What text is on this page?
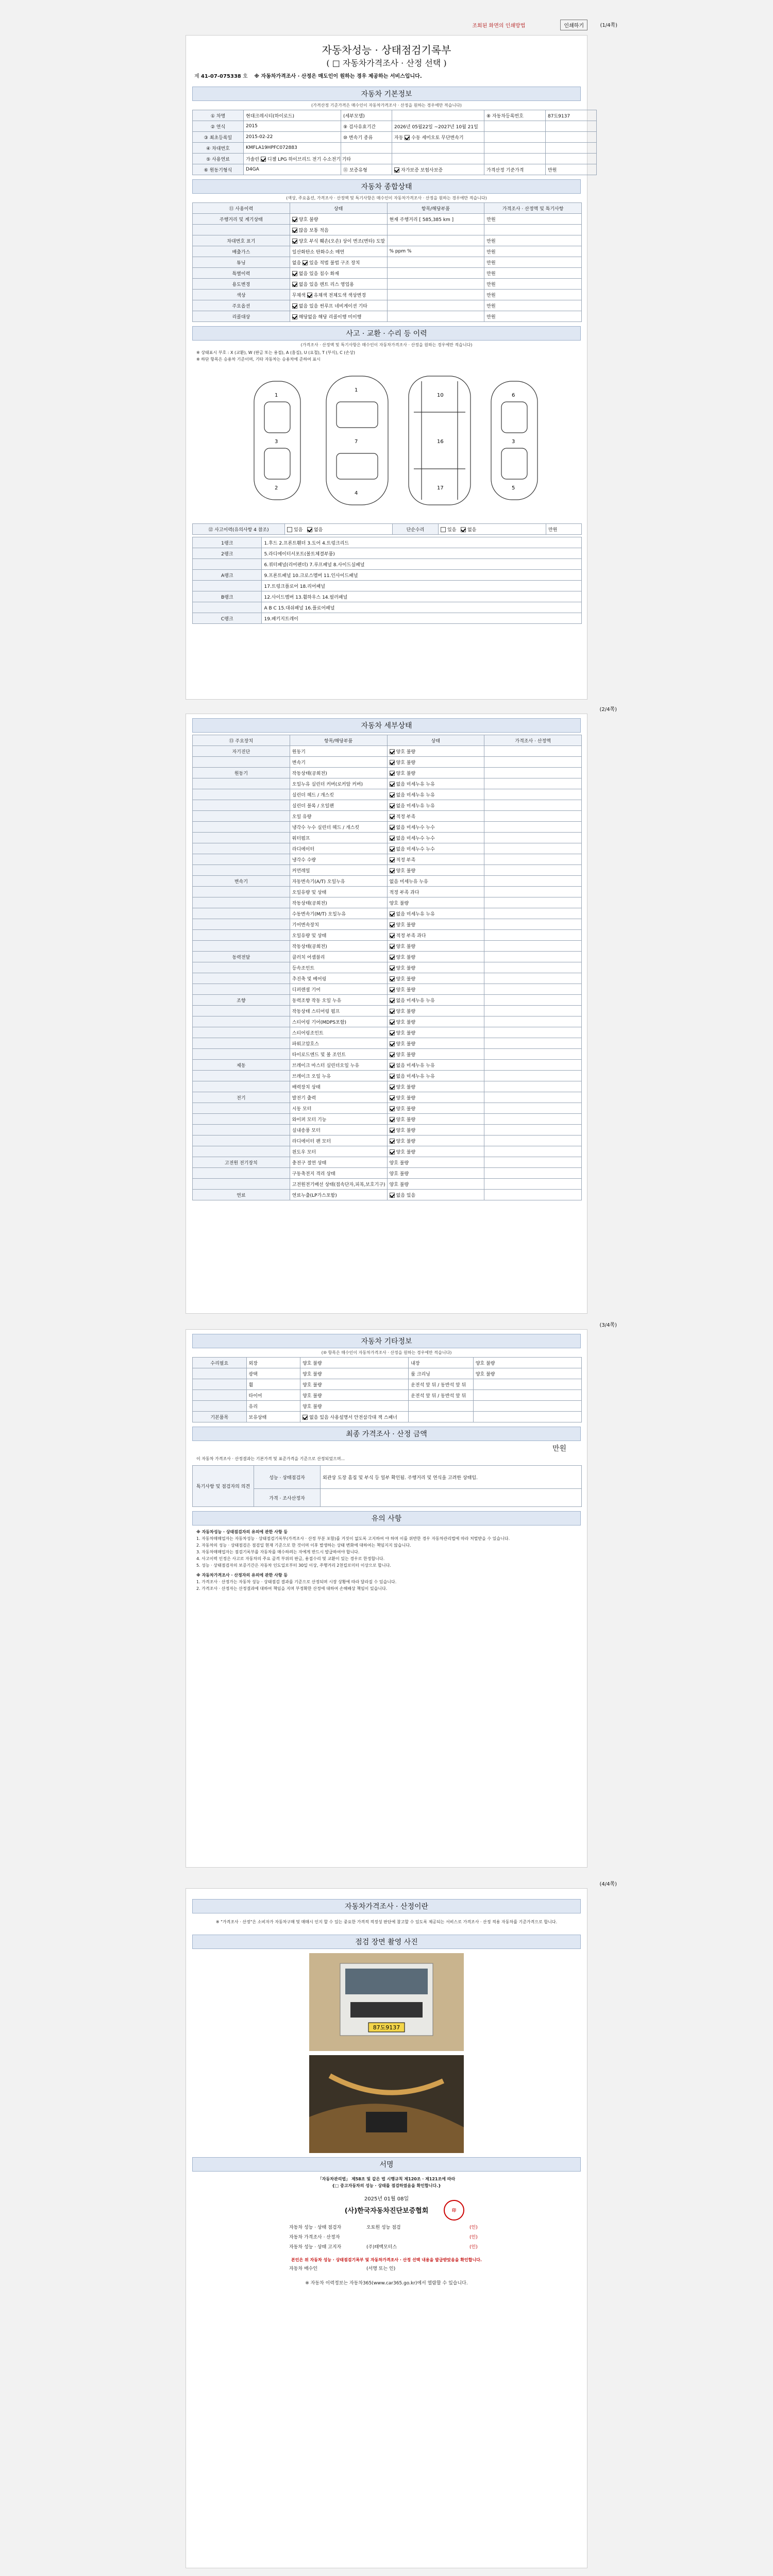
조회된 화면의 인쇄방법	인쇄하기	(1/4쪽)
자동차성능 · 상태점검기록부
( □ 자동차가격조사 · 산정 선택 )
제 41-07-075338 호 ※ 자동차가격조사 · 산정은 매도인이 원하는 경우 제공하는 서비스입니다.
자동차 기본정보
(가격산정 기준가격은 매수인이 자동차가격조사 · 산정을 원하는 경우에만 적습니다)
① 차명	현대크레시티(하이로드)	(세부모델)		⑧ 자동차등록번호	87도9137
② 연식	2015	⑨ 검사유효기간	2026년 05월22일 ~2027년 10월 21일		
③ 최초등록일	2015-02-22	⑩ 변속기 종류	자동 수동 세미오토 무단변속기		
④ 차대번호	KMFLA19HPFC072883				
⑤ 사용연료	가솔린 디젤 LPG 하이브리드 전기 수소전기 기타				
⑥ 원동기형식	D4GA	⑪ 보증유형	자가보증 보험사보증	가격산정 기준가격	만원
자동차 종합상태
(색상, 주요옵션, 가격조사 · 산정액 및 특기사항은 매수인이 자동차가격조사 · 산정을 원하는 경우에만 적습니다)
⑪ 사용이력	상태	항목/해당부품	가격조사 · 산정액 및 특기사항
주행거리 및 계기상태	양호 불량	현재 주행거리 [ 585,385 km ]	만원
	많음 보통 적음		
차대번호 표기	양호 부식 훼손(오손) 상이 변조(변타) 도말		만원
배출가스	일산화탄소 탄화수소 매연	% ppm %	만원
튜닝	없음 있음 적법 불법 구조 장치		만원
특별이력	없음 있음 침수 화재		만원
용도변경	없음 있음 렌트 리스 영업용		만원
색상	무채색 유채색 전체도색 색상변경		만원
주요옵션	없음 있음 썬루프 네비게이션 기타		만원
리콜대상	해당없음 해당 리콜이행 미이행		만원
사고 · 교환 · 수리 등 이력
(가격조사 · 산정액 및 특기사항은 매수인이 자동차가격조사 · 산정을 원하는 경우에만 적습니다)
※ 상태표시 부호 : X (교환), W (판금 또는 용접), A (흠집), U (요철), T (부식), C (손상)
※ 하단 항목은 승용차 기준이며, 기타 자동차는 승용차에 준하여 표시
1
3
2
1
7
4
10
16
17
6
3
5
⑫ 사고이력(유의사항 4 참조)	있음 없음	단순수리	있음 없음	만원
1랭크	1.후드 2.프론트휀더 3.도어 4.트렁크리드
2랭크	5.라디에이터서포트(볼트체결부품)
	6.쿼터패널(리어펜더) 7.루프패널 8.사이드실패널
A랭크	9.프론트패널 10.크로스멤버 11.인사이드패널
	17.트렁크플로어 18.리어패널
B랭크	12.사이드멤버 13.휠하우스 14.필러패널
	A B C 15.대쉬패널 16.플로어패널
C랭크	19.패키지트레이
(2/4쪽)
자동차 세부상태
⑬ 주요장치	항목/해당부품	상태	가격조사 · 산정액
자기진단	원동기	양호 불량	
	변속기	양호 불량	
원동기	작동상태(공회전)	양호 불량	
	오일누유 실린더 커버(로커암 커버)	없음 미세누유 누유	
	실린더 헤드 / 개스킷	없음 미세누유 누유	
	실린더 블록 / 오일팬	없음 미세누유 누유	
	오일 유량	적정 부족	
	냉각수 누수 실린더 헤드 / 개스킷	없음 미세누수 누수	
	워터펌프	없음 미세누수 누수	
	라디에이터	없음 미세누수 누수	
	냉각수 수량	적정 부족	
	커먼레일	양호 불량	
변속기	자동변속기(A/T) 오일누유	없음 미세누유 누유	
	오일유량 및 상태	적정 부족 과다	
	작동상태(공회전)	양호 불량	
	수동변속기(M/T) 오일누유	없음 미세누유 누유	
	기어변속장치	양호 불량	
	오일유량 및 상태	적정 부족 과다	
	작동상태(공회전)	양호 불량	
동력전달	클러치 어셈블리	양호 불량	
	등속조인트	양호 불량	
	추진축 및 베어링	양호 불량	
	디퍼렌셜 기어	양호 불량	
조향	동력조향 작동 오일 누유	없음 미세누유 누유	
	작동상태 스티어링 펌프	양호 불량	
	스티어링 기어(MDPS포함)	양호 불량	
	스티어링조인트	양호 불량	
	파워고압호스	양호 불량	
	타이로드엔드 및 볼 조인트	양호 불량	
제동	브레이크 마스터 실린더오일 누유	없음 미세누유 누유	
	브레이크 오일 누유	없음 미세누유 누유	
	배력장치 상태	양호 불량	
전기	발전기 출력	양호 불량	
	시동 모터	양호 불량	
	와이퍼 모터 기능	양호 불량	
	실내송풍 모터	양호 불량	
	라디에이터 팬 모터	양호 불량	
	윈도우 모터	양호 불량	
고전원 전기장치	충전구 절연 상태	양호 불량	
	구동축전지 격리 상태	양호 불량	
	고전원전기배선 상태(접속단자,피복,보호기구)	양호 불량	
연료	연료누출(LP가스포함)	없음 있음	
(3/4쪽)
자동차 기타정보
(⑩ 항목은 매수인이 자동차가격조사 · 산정을 원하는 경우에만 적습니다)
수리필요	외장	양호 불량	내장	양호 불량
	광택	양호 불량	룸 크리닝	양호 불량
	휠	양호 불량	운전석 앞 뒤 / 동반석 앞 뒤	
	타이어	양호 불량	운전석 앞 뒤 / 동반석 앞 뒤	
	유리	양호 불량		
기본품목	보유상태	없음 있음 사용설명서 안전삼각대 잭 스패너		
최종 가격조사 · 산정 금액
만원
이 자동차 가격조사 · 산정결과는 기본가격 및 표준가격을 기준으로 산정되었으며...
특기사항 및 점검자의 의견	성능 · 상태점검자	외관상 도장 흠집 및 부식 등 일부 확인됨. 주행거리 및 연식을 고려한 상태임.
	가격 · 조사산정자	
유의 사항
※ 자동차성능 · 상태점검자의 유의에 관한 사항 등
1. 자동차매매업자는 자동차성능 · 상태점검기록부(가격조사 · 산정 부분 포함)를 거짓이 없도록 고지하여 야 하며 이를 위반한 경우 자동차관리법에 따라 처벌받을 수 있습니다.
2. 자동차의 성능 · 상태점검은 점검일 현재 기준으로 한 것이며 이후 발생하는 상태 변화에 대하여는 책임지지 않습니다.
3. 자동차매매업자는 점검기록부를 자동차를 매수하려는 자에게 반드시 발급하여야 합니다.
4. 사고이력 인정은 사고로 자동차의 주요 골격 부위의 판금, 용접수리 및 교환이 있는 경우로 한정합니다.
5. 성능 · 상태점검자의 보증기간은 자동차 인도일로부터 30일 이상, 주행거리 2천킬로미터 이상으로 합니다.
※ 자동차가격조사 · 산정자의 유의에 관한 사항 등
1. 가격조사 · 산정가는 자동차 성능 · 상태점검 결과를 기준으로 산정되며 시장 상황에 따라 달라질 수 있습니다.
2. 가격조사 · 산정자는 산정결과에 대하여 책임을 지며 부정확한 산정에 대하여 손해배상 책임이 있습니다.
(4/4쪽)
자동차가격조사 · 산정이란
※ "가격조사 · 산정"은 소비자가 자동차구매 및 매매시 인지 할 수 있는 중요한 가격적 적정성 판단에 참고할 수 있도록 제공되는 서비스로 가격조사 · 산정 적용 자동차를 기준가격으로 합니다.
점검 장면 촬영 사진
87도9137
서명
「자동차관리법」 제58조 및 같은 법 시행규칙 제120조 · 제121조에 따라
{□ 중고자동차의 성능 · 상태를 점검하였음을 확인합니다.}
2025년 01월 08일
(사)한국자동차진단보증협회	印
자동차 성능 · 상태 점검자	오토원 성능 점검	(인)
자동차 가격조사 · 산정자	(인)
자동차 성능 · 상태 고지자	(주)태백모터스	(인)
본인은 위 자동차 성능 · 상태점검기록부 및 자동차가격조사 · 산정 선택 내용을 발급받았음을 확인합니다.
자동차 매수인	(서명 또는 인)
※ 자동차 이력정보는 자동차365(www.car365.go.kr)에서 열람할 수 있습니다.
